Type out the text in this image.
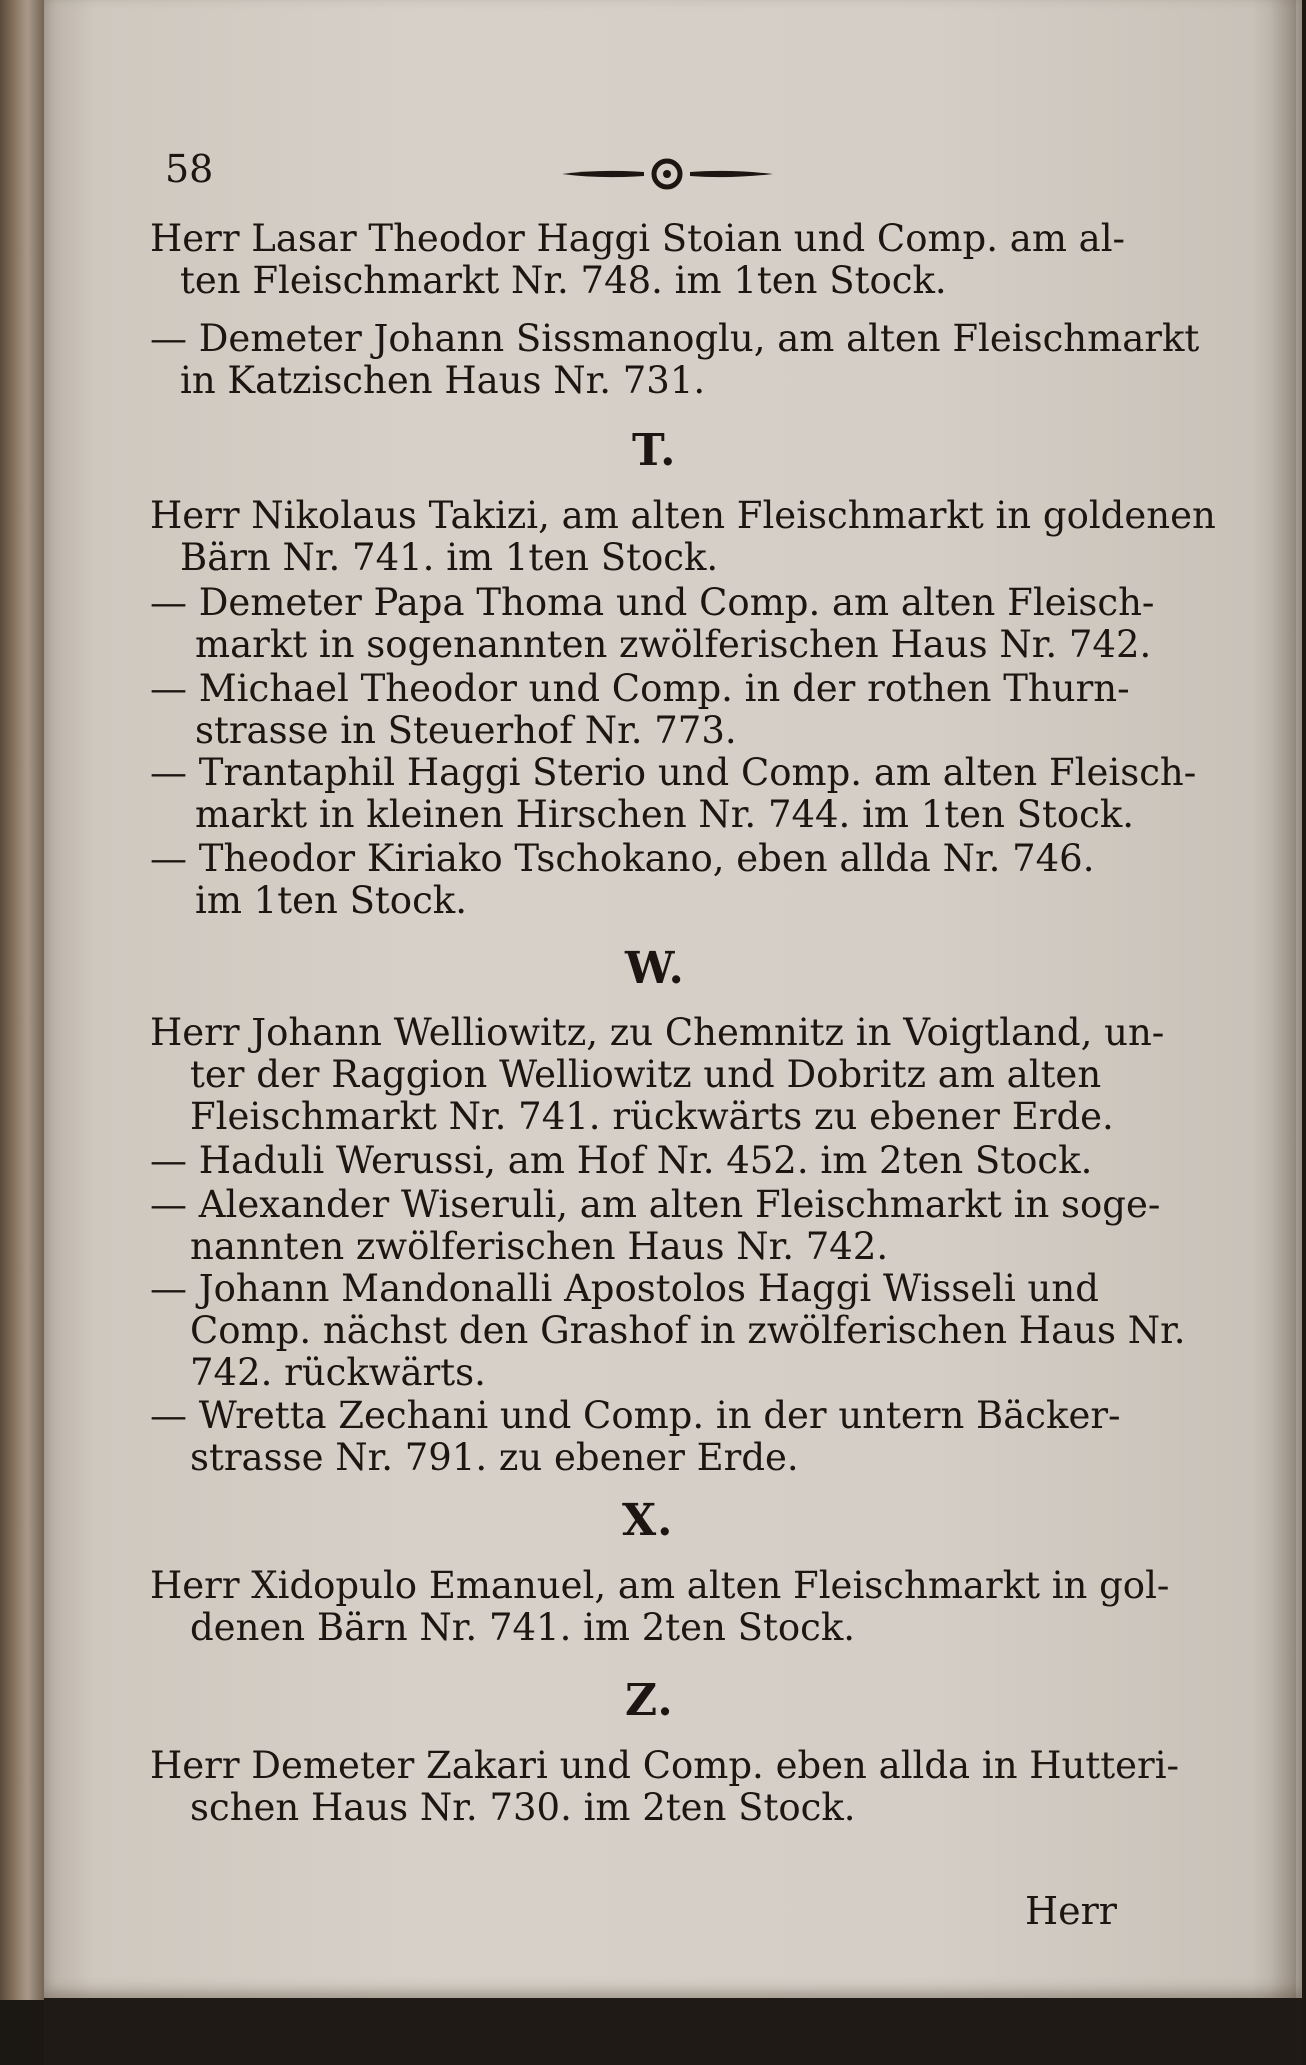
58
Herr Lasar Theodor Haggi Stoian und Comp. am al-
ten Fleischmarkt Nr. 748. im 1ten Stock.
— Demeter Johann Sissmanoglu, am alten Fleischmarkt
in Katzischen Haus Nr. 731.
T.
Herr Nikolaus Takizi, am alten Fleischmarkt in goldenen
Bärn Nr. 741. im 1ten Stock.
— Demeter Papa Thoma und Comp. am alten Fleisch-
markt in sogenannten zwölferischen Haus Nr. 742.
— Michael Theodor und Comp. in der rothen Thurn-
strasse in Steuerhof Nr. 773.
— Trantaphil Haggi Sterio und Comp. am alten Fleisch-
markt in kleinen Hirschen Nr. 744. im 1ten Stock.
— Theodor Kiriako Tschokano, eben allda Nr. 746.
im 1ten Stock.
W.
Herr Johann Welliowitz, zu Chemnitz in Voigtland, un-
ter der Raggion Welliowitz und Dobritz am alten
Fleischmarkt Nr. 741. rückwärts zu ebener Erde.
— Haduli Werussi, am Hof Nr. 452. im 2ten Stock.
— Alexander Wiseruli, am alten Fleischmarkt in soge-
nannten zwölferischen Haus Nr. 742.
— Johann Mandonalli Apostolos Haggi Wisseli und
Comp. nächst den Grashof in zwölferischen Haus Nr.
742. rückwärts.
— Wretta Zechani und Comp. in der untern Bäcker-
strasse Nr. 791. zu ebener Erde.
X.
Herr Xidopulo Emanuel, am alten Fleischmarkt in gol-
denen Bärn Nr. 741. im 2ten Stock.
Z.
Herr Demeter Zakari und Comp. eben allda in Hutteri-
schen Haus Nr. 730. im 2ten Stock.
Herr
